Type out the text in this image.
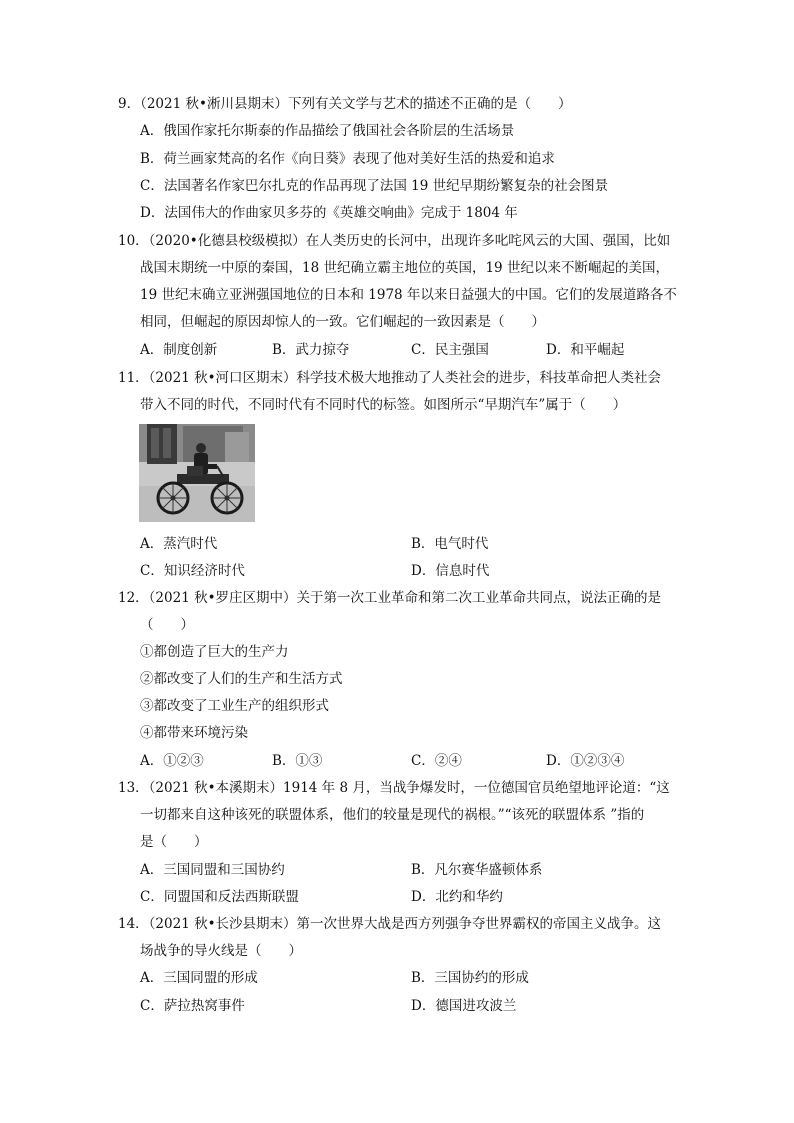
9．（2021 秋•淅川县期末）下列有关文学与艺术的描述不正确的是（　　）
A．俄国作家托尔斯泰的作品描绘了俄国社会各阶层的生活场景
B．荷兰画家梵高的名作《向日葵》表现了他对美好生活的热爱和追求
C．法国著名作家巴尔扎克的作品再现了法国 19 世纪早期纷繁复杂的社会图景
D．法国伟大的作曲家贝多芬的《英雄交响曲》完成于 1804 年
10．（2020•化德县校级模拟）在人类历史的长河中，出现许多叱咤风云的大国、强国，比如
战国末期统一中原的秦国，18 世纪确立霸主地位的英国，19 世纪以来不断崛起的美国，
19 世纪末确立亚洲强国地位的日本和 1978 年以来日益强大的中国。它们的发展道路各不
相同，但崛起的原因却惊人的一致。它们崛起的一致因素是（　　）
A．制度创新	B．武力掠夺	C．民主强国	D．和平崛起
11．（2021 秋•河口区期末）科学技术极大地推动了人类社会的进步，科技革命把人类社会
带入不同的时代，不同时代有不同时代的标签。如图所示“早期汽车”属于（　　）
A．蒸汽时代	B．电气时代
C．知识经济时代	D．信息时代
12．（2021 秋•罗庄区期中）关于第一次工业革命和第二次工业革命共同点，说法正确的是
（　　）
①都创造了巨大的生产力
②都改变了人们的生产和生活方式
③都改变了工业生产的组织形式
④都带来环境污染
A．①②③	B．①③	C．②④	D．①②③④
13．（2021 秋•本溪期末）1914 年 8 月，当战争爆发时，一位德国官员绝望地评论道：“这
一切都来自这种该死的联盟体系，他们的较量是现代的祸根。”“该死的联盟体系 ”指的
是（　　）
A．三国同盟和三国协约	B．凡尔赛华盛顿体系
C．同盟国和反法西斯联盟	D．北约和华约
14．（2021 秋•长沙县期末）第一次世界大战是西方列强争夺世界霸权的帝国主义战争。这
场战争的导火线是（　　）
A．三国同盟的形成	B．三国协约的形成
C．萨拉热窝事件	D．德国进攻波兰
